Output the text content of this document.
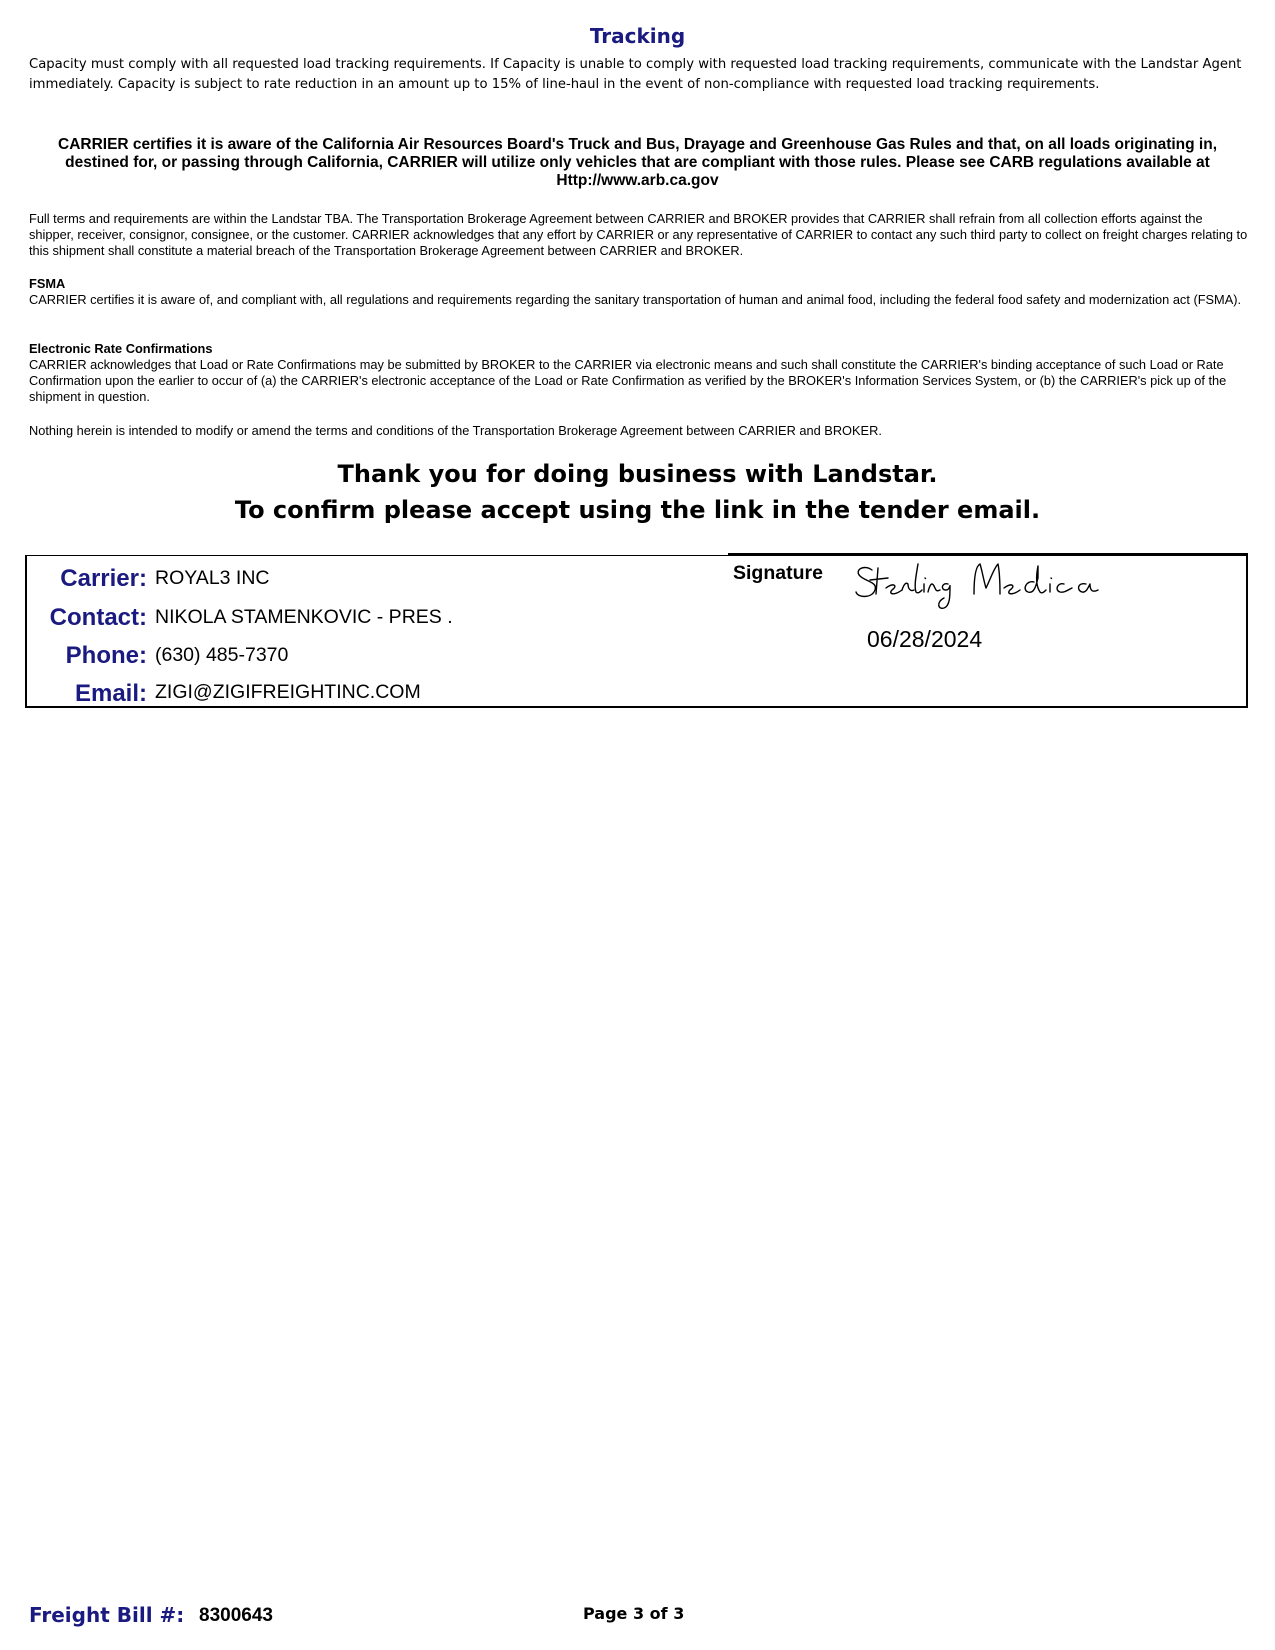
Tracking
Capacity must comply with all requested load tracking requirements. If Capacity is unable to comply with requested load tracking requirements, communicate with the Landstar Agent immediately. Capacity is subject to rate reduction in an amount up to 15% of line-haul in the event of non-compliance with requested load tracking requirements.
CARRIER certifies it is aware of the California Air Resources Board's Truck and Bus, Drayage and Greenhouse Gas Rules and that, on all loads originating in, destined for, or passing through California, CARRIER will utilize only vehicles that are compliant with those rules. Please see CARB regulations available at Http://www.arb.ca.gov
Full terms and requirements are within the Landstar TBA. The Transportation Brokerage Agreement between CARRIER and BROKER provides that CARRIER shall refrain from all collection efforts against the shipper, receiver, consignor, consignee, or the customer. CARRIER acknowledges that any effort by CARRIER or any representative of CARRIER to contact any such third party to collect on freight charges relating to this shipment shall constitute a material breach of the Transportation Brokerage Agreement between CARRIER and BROKER.
FSMA
CARRIER certifies it is aware of, and compliant with, all regulations and requirements regarding the sanitary transportation of human and animal food, including the federal food safety and modernization act (FSMA).
Electronic Rate Confirmations
CARRIER acknowledges that Load or Rate Confirmations may be submitted by BROKER to the CARRIER via electronic means and such shall constitute the CARRIER's binding acceptance of such Load or Rate Confirmation upon the earlier to occur of (a) the CARRIER's electronic acceptance of the Load or Rate Confirmation as verified by the BROKER's Information Services System, or (b) the CARRIER's pick up of the shipment in question.
Nothing herein is intended to modify or amend the terms and conditions of the Transportation Brokerage Agreement between CARRIER and BROKER.
Thank you for doing business with Landstar.
To confirm please accept using the link in the tender email.
Carrier: ROYAL3 INC
Contact: NIKOLA STAMENKOVIC - PRES .
Phone: (630) 485-7370
Email: ZIGI@ZIGIFREIGHTINC.COM
Signature
06/28/2024
Freight Bill #: 8300643	Page 3 of 3
